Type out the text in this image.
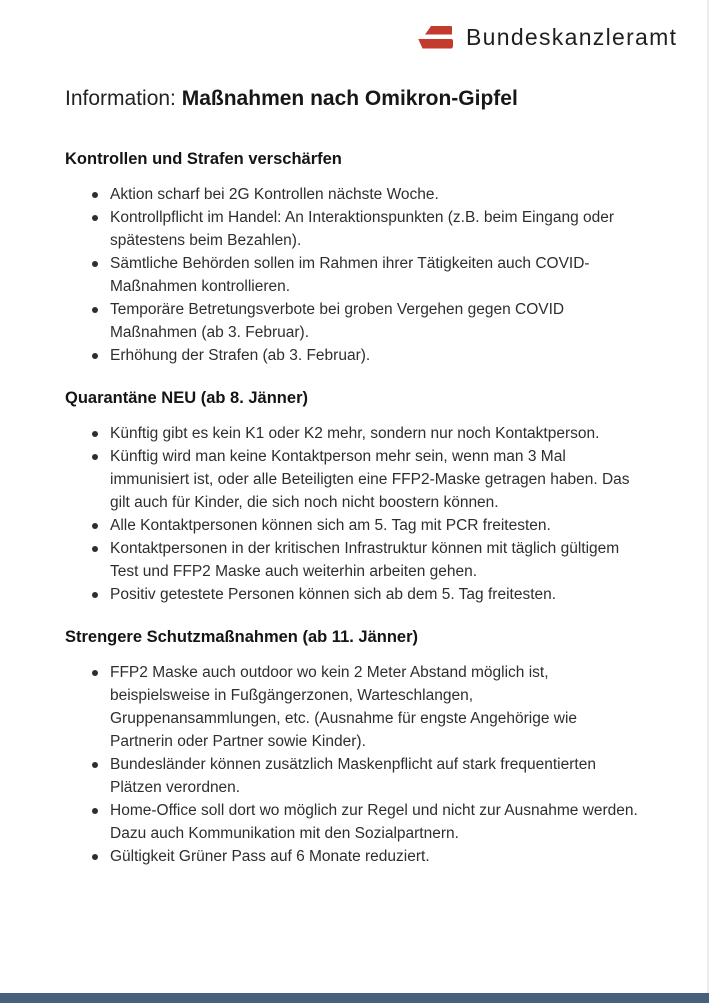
Bundeskanzleramt
Information: Maßnahmen nach Omikron-Gipfel
Kontrollen und Strafen verschärfen
Aktion scharf bei 2G Kontrollen nächste Woche.
Kontrollpflicht im Handel: An Interaktionspunkten (z.B. beim Eingang oder spätestens beim Bezahlen).
Sämtliche Behörden sollen im Rahmen ihrer Tätigkeiten auch COVID-Maßnahmen kontrollieren.
Temporäre Betretungsverbote bei groben Vergehen gegen COVID Maßnahmen (ab 3. Februar).
Erhöhung der Strafen (ab 3. Februar).
Quarantäne NEU (ab 8. Jänner)
Künftig gibt es kein K1 oder K2 mehr, sondern nur noch Kontaktperson.
Künftig wird man keine Kontaktperson mehr sein, wenn man 3 Mal immunisiert ist, oder alle Beteiligten eine FFP2-Maske getragen haben. Das gilt auch für Kinder, die sich noch nicht boostern können.
Alle Kontaktpersonen können sich am 5. Tag mit PCR freitesten.
Kontaktpersonen in der kritischen Infrastruktur können mit täglich gültigem Test und FFP2 Maske auch weiterhin arbeiten gehen.
Positiv getestete Personen können sich ab dem 5. Tag freitesten.
Strengere Schutzmaßnahmen (ab 11. Jänner)
FFP2 Maske auch outdoor wo kein 2 Meter Abstand möglich ist, beispielsweise in Fußgängerzonen, Warteschlangen, Gruppenansammlungen, etc. (Ausnahme für engste Angehörige wie Partnerin oder Partner sowie Kinder).
Bundesländer können zusätzlich Maskenpflicht auf stark frequentierten Plätzen verordnen.
Home-Office soll dort wo möglich zur Regel und nicht zur Ausnahme werden. Dazu auch Kommunikation mit den Sozialpartnern.
Gültigkeit Grüner Pass auf 6 Monate reduziert.
